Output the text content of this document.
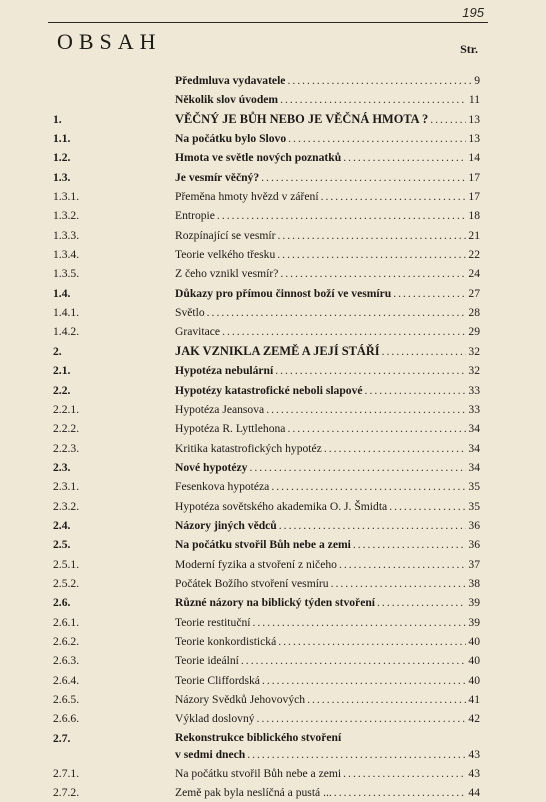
195
OBSAH	Str.
Předmluva vydavatele .....	9
Několik slov úvodem .....	11
1.	VĚČNÝ JE BŮH NEBO JE VĚČNÁ HMOTA ? .....	13
1.1.	Na počátku bylo Slovo .....	13
1.2.	Hmota ve světle nových poznatků .....	14
1.3.	Je vesmír věčný? .....	17
1.3.1.	Přeměna hmoty hvězd v záření .....	17
1.3.2.	Entropie .....	18
1.3.3.	Rozpínající se vesmír .....	21
1.3.4.	Teorie velkého třesku .....	22
1.3.5.	Z čeho vznikl vesmír? .....	24
1.4.	Důkazy pro přímou činnost boží ve vesmíru .....	27
1.4.1.	Světlo .....	28
1.4.2.	Gravitace .....	29
2.	JAK VZNIKLA ZEMĚ A JEJÍ STÁŘÍ .....	32
2.1.	Hypotéza nebulární .....	32
2.2.	Hypotézy katastrofické neboli slapové .....	33
2.2.1.	Hypotéza Jeansova .....	33
2.2.2.	Hypotéza R. Lyttlehona .....	34
2.2.3.	Kritika katastrofických hypotéz .....	34
2.3.	Nové hypotézy .....	34
2.3.1.	Fesenkova hypotéza .....	35
2.3.2.	Hypotéza sovětského akademika O. J. Šmidta .....	35
2.4.	Názory jiných vědců .....	36
2.5.	Na počátku stvořil Bůh nebe a zemi .....	36
2.5.1.	Moderní fyzika a stvoření z ničeho .....	37
2.5.2.	Počátek Božího stvoření vesmíru .....	38
2.6.	Různé názory na biblický týden stvoření .....	39
2.6.1.	Teorie restituční .....	39
2.6.2.	Teorie konkordistická .....	40
2.6.3.	Teorie ideální .....	40
2.6.4.	Teorie Cliffordská .....	40
2.6.5.	Názory Svědků Jehovových .....	41
2.6.6.	Výklad doslovný .....	42
2.7.	Rekonstrukce biblického stvoření
v sedmi dnech .....	43
2.7.1.	Na počátku stvořil Bůh nebe a zemi .....	43
2.7.2.	Země pak byla neslíčná a pustá ... .....	44
